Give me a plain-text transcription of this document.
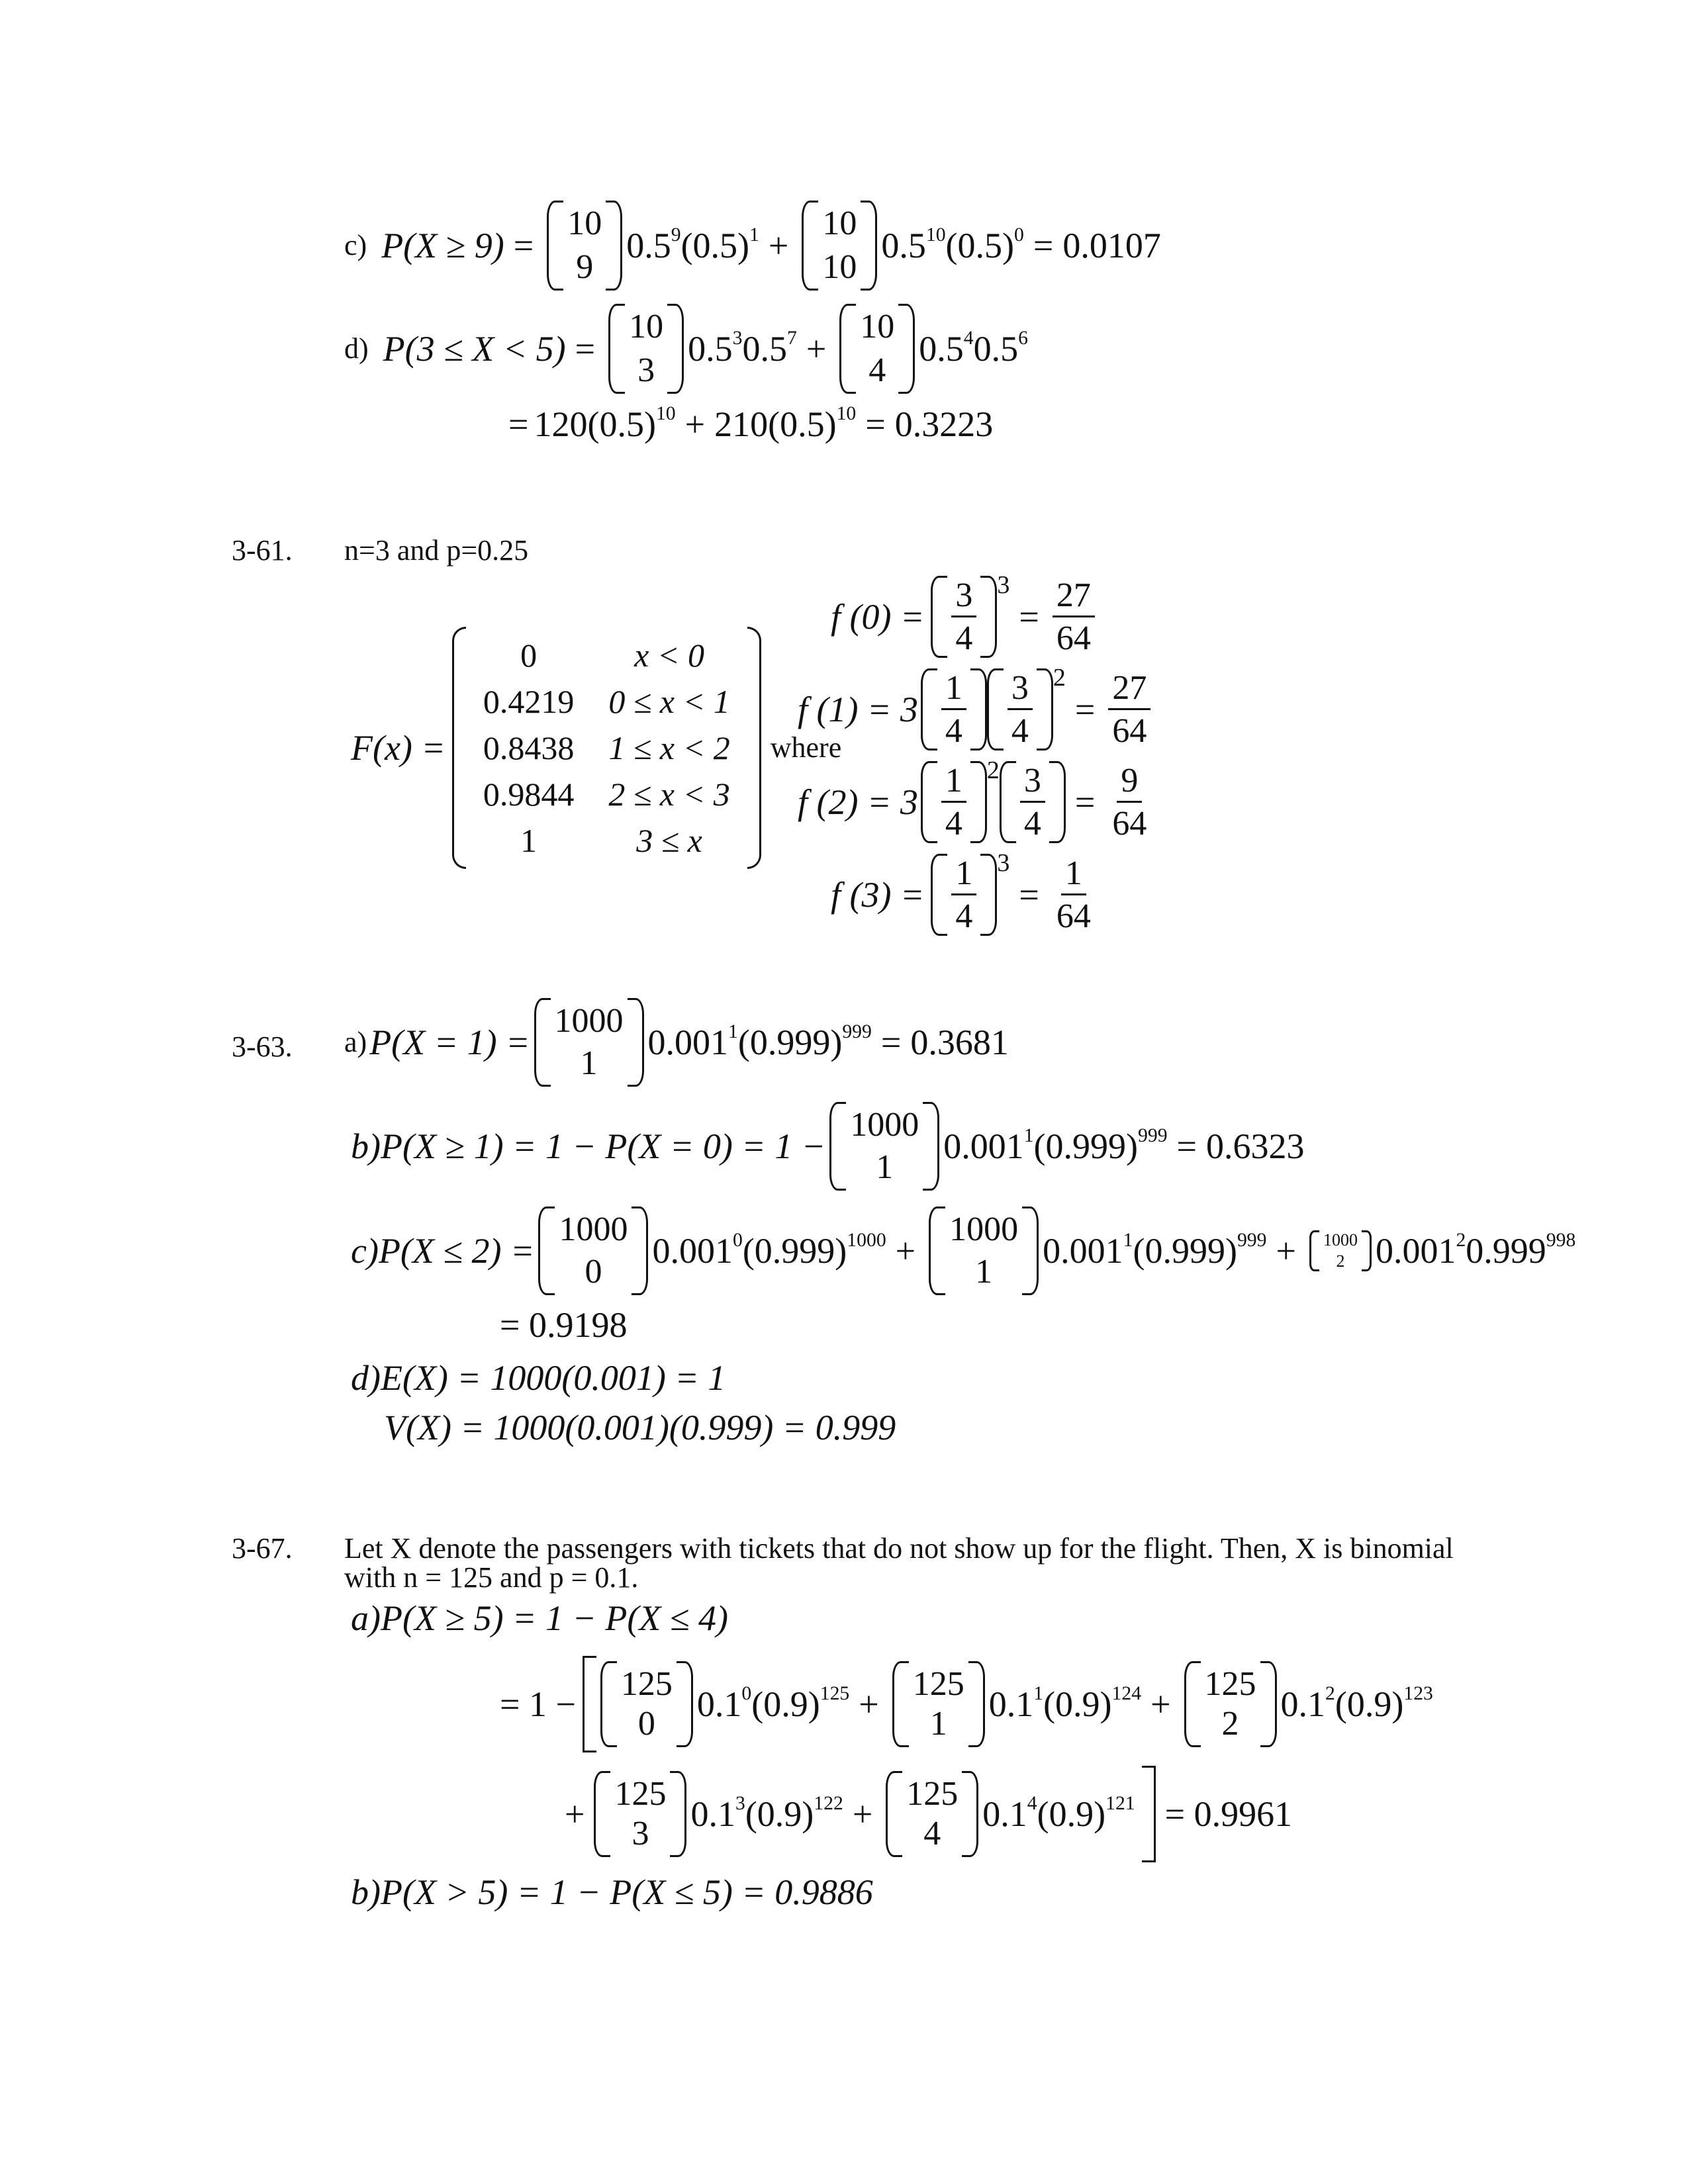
c) P(X ≥ 9) =
10
9
$0.5^9$ $(0.5)^1$ +
10
10
$0.5^{10}$ $(0.5)^0 = 0.0107$
d) P(3 ≤ X < 5) =
10
3
$0.5^30.5^7$ +
10
4
$0.5^40.5^6$
= $120(0.5)^{10} + 210(0.5)^{10} = 0.3223$
3-61. n=3 and p=0.25
F(x) =
0	x < 0
0.4219	0 ≤ x < 1
0.8438	1 ≤ x < 2
0.9844	2 ≤ x < 3
1	3 ≤ x
where
f $(0) = \frac{3}{4} 3$
= $\frac{27}{64}$
f $(1) = 3 \frac{1}{4} \frac{3}{4} 2$
= $\frac{27}{64}$
f $(2) = 3 \frac{1}{4} 2 \frac{3}{4} = \frac{9}{64}$
f $(3) = \frac{1}{4} 3$
= $\frac{1}{64}$
3-63. a) P(X = 1) =
1000
1
$0.001^1(0.999)^{999} = 0.3681$
b)P(X ≥ 1) = 1 − P(X = 0) = 1 −
1000
1
$0.001^1(0.999)^{999} = 0.6323$
c)P(X ≤ 2) =
1000
0
$0.001^0(0.999)^{1000}$ +
1000
1
$0.001^1(0.999)^{999}$ +	1000
2 $0.001^20.999^{998}$
= 0.9198
d)E(X) = 1000(0.001) = 1
V(X) = 1000(0.001)(0.999) = 0.999
3-67. Let X denote the passengers with tickets that do not show up for the flight. Then, X is binomial
with n = 125 and p = 0.1.
a)P(X ≥ 5) = 1 − P(X ≤ 4)
= 1 −
125
0 $0.1^0(0.9)^{125}$ +
125
1 $0.1^1(0.9)^{124}$ +
125
2 $0.1^2(0.9)^{123}$
+
125
3 $0.1^3(0.9)^{122}$ +
125
4 $0.1^4(0.9)^{121} = 0.9961$
b)P(X > 5) = 1 − P(X ≤ 5) = 0.9886
